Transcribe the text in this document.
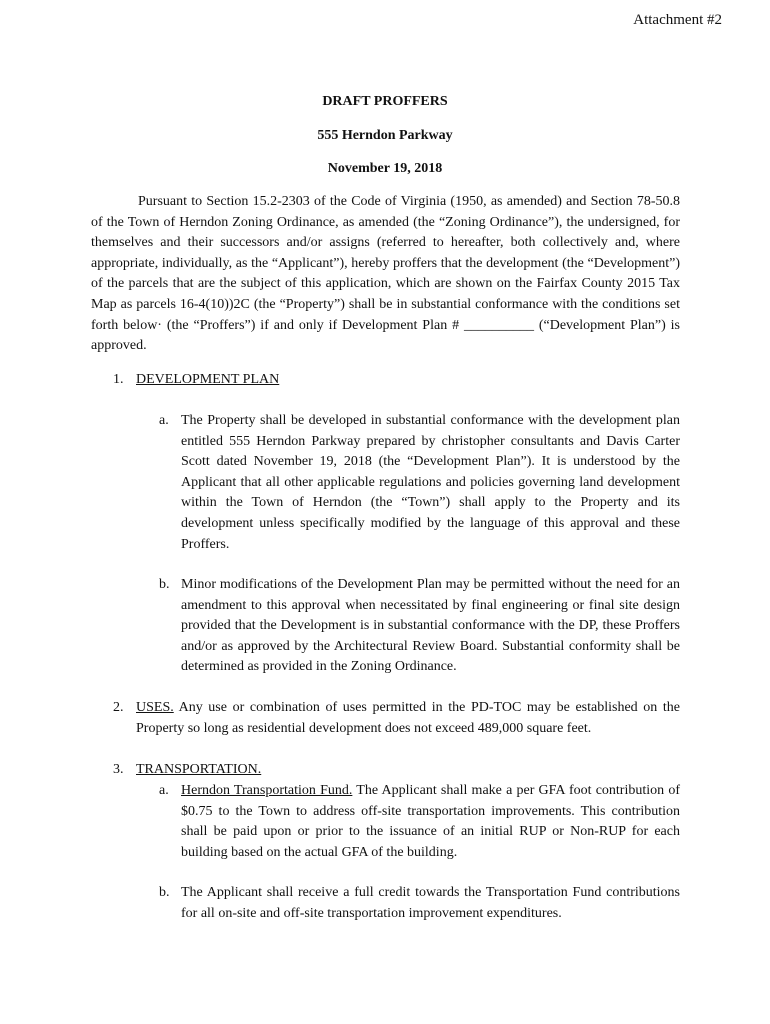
Attachment #2
DRAFT PROFFERS
555 Herndon Parkway
November 19, 2018

Pursuant to Section 15.2-2303 of the Code of Virginia (1950, as amended) and Section 78-50.8 of the Town of Herndon Zoning Ordinance, as amended (the “Zoning Ordinance”), the undersigned, for themselves and their successors and/or assigns (referred to hereafter, both collectively and, where appropriate, individually, as the “Applicant”), hereby proffers that the development (the “Development”) of the parcels that are the subject of this application, which are shown on the Fairfax County 2015 Tax Map as parcels 16-4(10))2C (the “Property”) shall be in substantial conformance with the conditions set forth below· (the “Proffers”) if and only if Development Plan # __________ (“Development Plan”) is approved.

1. DEVELOPMENT PLAN
a. The Property shall be developed in substantial conformance with the development plan entitled 555 Herndon Parkway prepared by christopher consultants and Davis Carter Scott dated November 19, 2018 (the “Development Plan”). It is understood by the Applicant that all other applicable regulations and policies governing land development within the Town of Herndon (the “Town”) shall apply to the Property and its development unless specifically modified by the language of this approval and these Proffers.
b. Minor modifications of the Development Plan may be permitted without the need for an amendment to this approval when necessitated by final engineering or final site design provided that the Development is in substantial conformance with the DP, these Proffers and/or as approved by the Architectural Review Board. Substantial conformity shall be determined as provided in the Zoning Ordinance.
2. USES. Any use or combination of uses permitted in the PD-TOC may be established on the Property so long as residential development does not exceed 489,000 square feet.
3. TRANSPORTATION.
a. Herndon Transportation Fund. The Applicant shall make a per GFA foot contribution of $0.75 to the Town to address off-site transportation improvements. This contribution shall be paid upon or prior to the issuance of an initial RUP or Non-RUP for each building based on the actual GFA of the building.
b. The Applicant shall receive a full credit towards the Transportation Fund contributions for all on-site and off-site transportation improvement expenditures.
